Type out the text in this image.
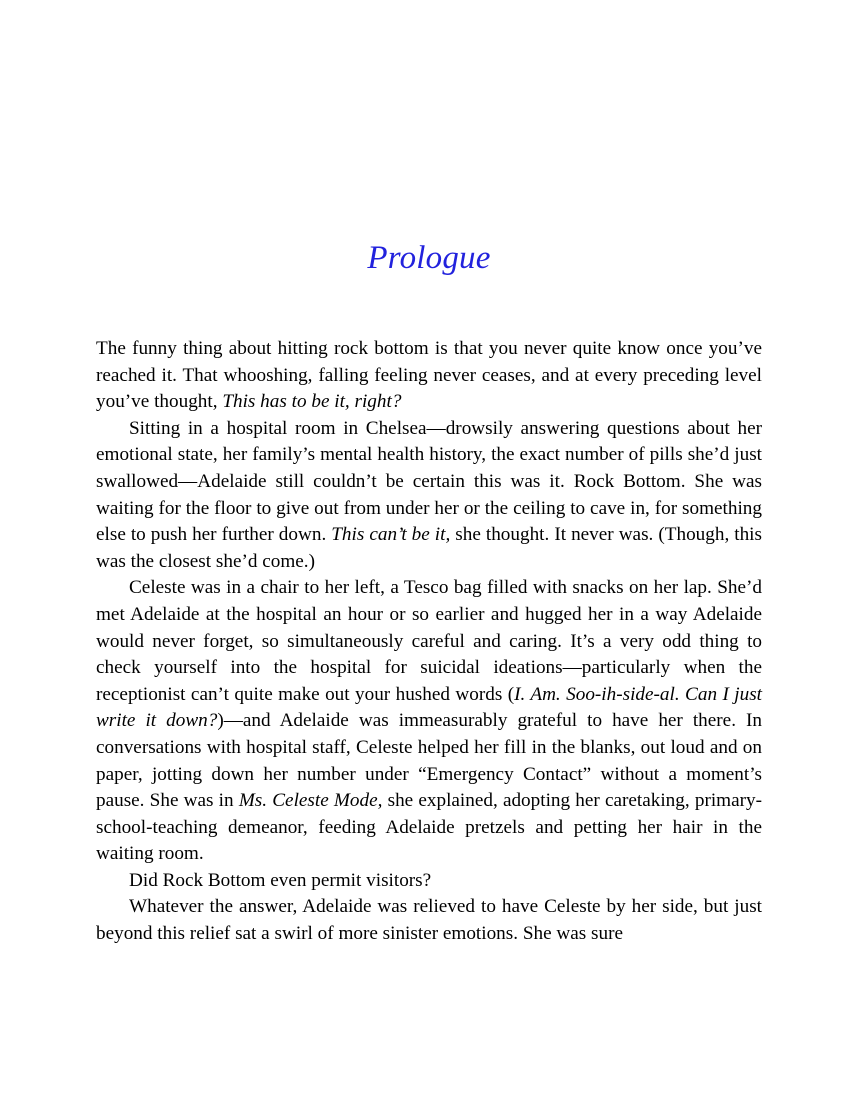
Prologue

The funny thing about hitting rock bottom is that you never quite know once you’ve reached it. That whooshing, falling feeling never ceases, and at every preceding level you’ve thought, This has to be it, right?

Sitting in a hospital room in Chelsea—drowsily answering questions about her emotional state, her family’s mental health history, the exact number of pills she’d just swallowed—Adelaide still couldn’t be certain this was it. Rock Bottom. She was waiting for the floor to give out from under her or the ceiling to cave in, for something else to push her further down. This can’t be it, she thought. It never was. (Though, this was the closest she’d come.)

Celeste was in a chair to her left, a Tesco bag filled with snacks on her lap. She’d met Adelaide at the hospital an hour or so earlier and hugged her in a way Adelaide would never forget, so simultaneously careful and caring. It’s a very odd thing to check yourself into the hospital for suicidal ideations—particularly when the receptionist can’t quite make out your hushed words (I. Am. Soo-ih-side-al. Can I just write it down?)—and Adelaide was immeasurably grateful to have her there. In conversations with hospital staff, Celeste helped her fill in the blanks, out loud and on paper, jotting down her number under “Emergency Contact” without a moment’s pause. She was in Ms. Celeste Mode, she explained, adopting her caretaking, primary-school-teaching demeanor, feeding Adelaide pretzels and petting her hair in the waiting room.

Did Rock Bottom even permit visitors?

Whatever the answer, Adelaide was relieved to have Celeste by her side, but just beyond this relief sat a swirl of more sinister emotions. She was sure
